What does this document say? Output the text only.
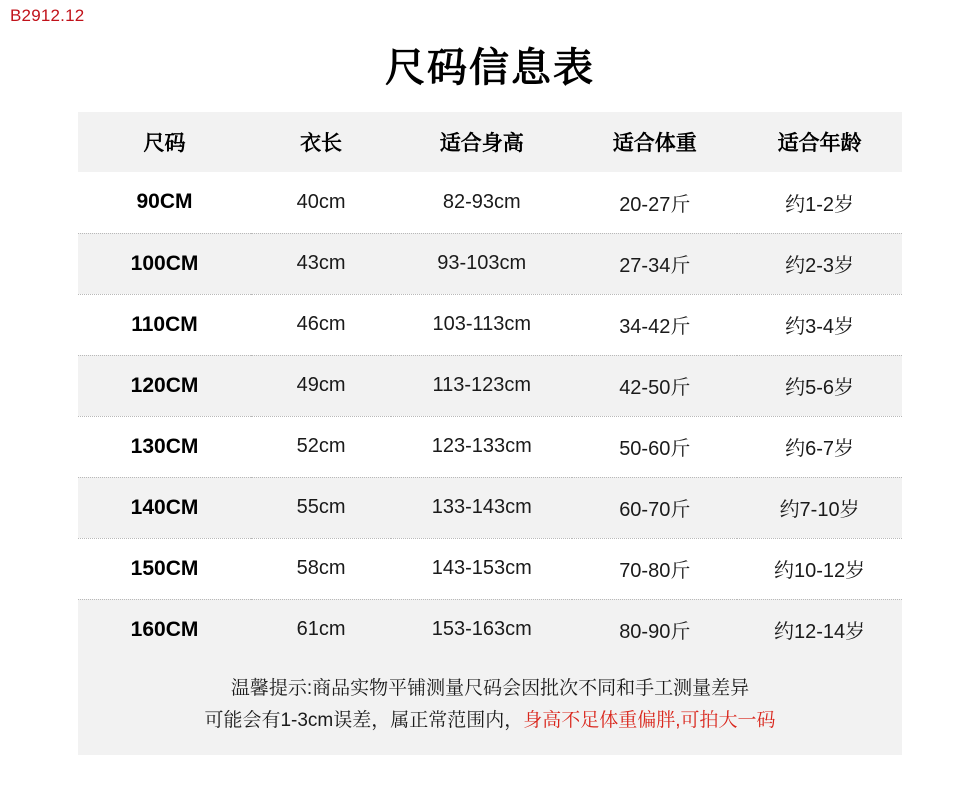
B2912.12
尺码信息表
尺码	衣长	适合身高	适合体重	适合年龄
90CM	40cm	82-93cm	20-27斤	约1-2岁
100CM	43cm	93-103cm	27-34斤	约2-3岁
110CM	46cm	103-113cm	34-42斤	约3-4岁
120CM	49cm	113-123cm	42-50斤	约5-6岁
130CM	52cm	123-133cm	50-60斤	约6-7岁
140CM	55cm	133-143cm	60-70斤	约7-10岁
150CM	58cm	143-153cm	70-80斤	约10-12岁
160CM	61cm	153-163cm	80-90斤	约12-14岁
温馨提示:商品实物平铺测量尺码会因批次不同和手工测量差异
可能会有1-3cm误差，属正常范围内，身高不足体重偏胖,可拍大一码
